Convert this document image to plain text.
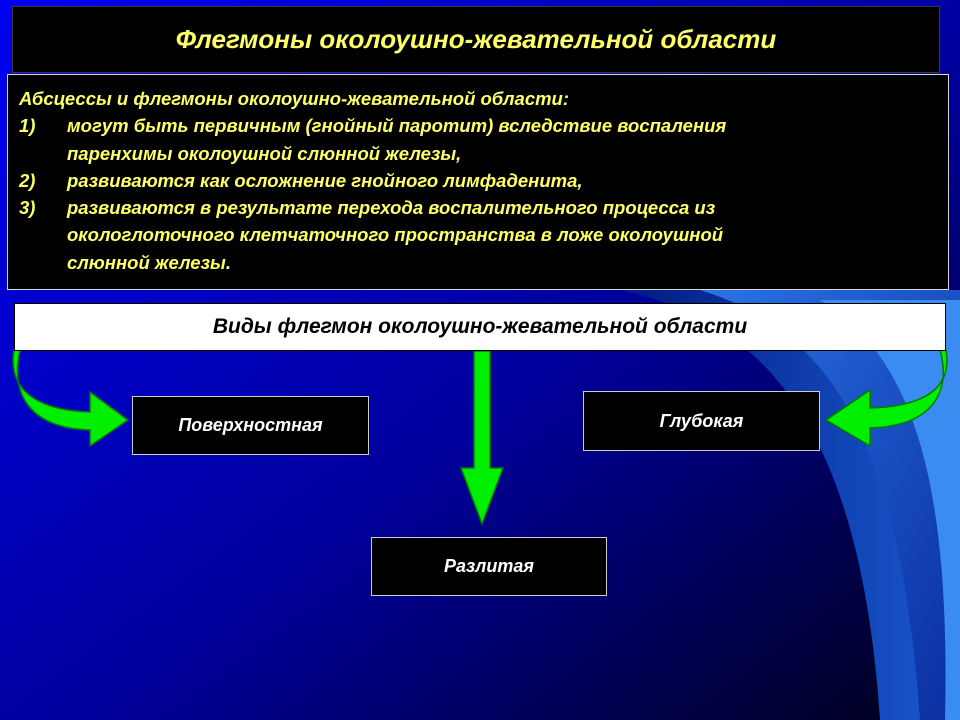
Флегмоны околоушно-жевательной области
Абсцессы и флегмоны околоушно-жевательной области:
1)	могут быть первичным (гнойный паротит) вследствие воспаления
паренхимы околоушной слюнной железы,
2)	развиваются как осложнение гнойного лимфаденита,
3)	развиваются в результате перехода воспалительного процесса из
окологлоточного клетчаточного пространства в ложе околоушной
слюнной железы.
Виды флегмон околоушно-жевательной области
Поверхностная	Глубокая
Разлитая
